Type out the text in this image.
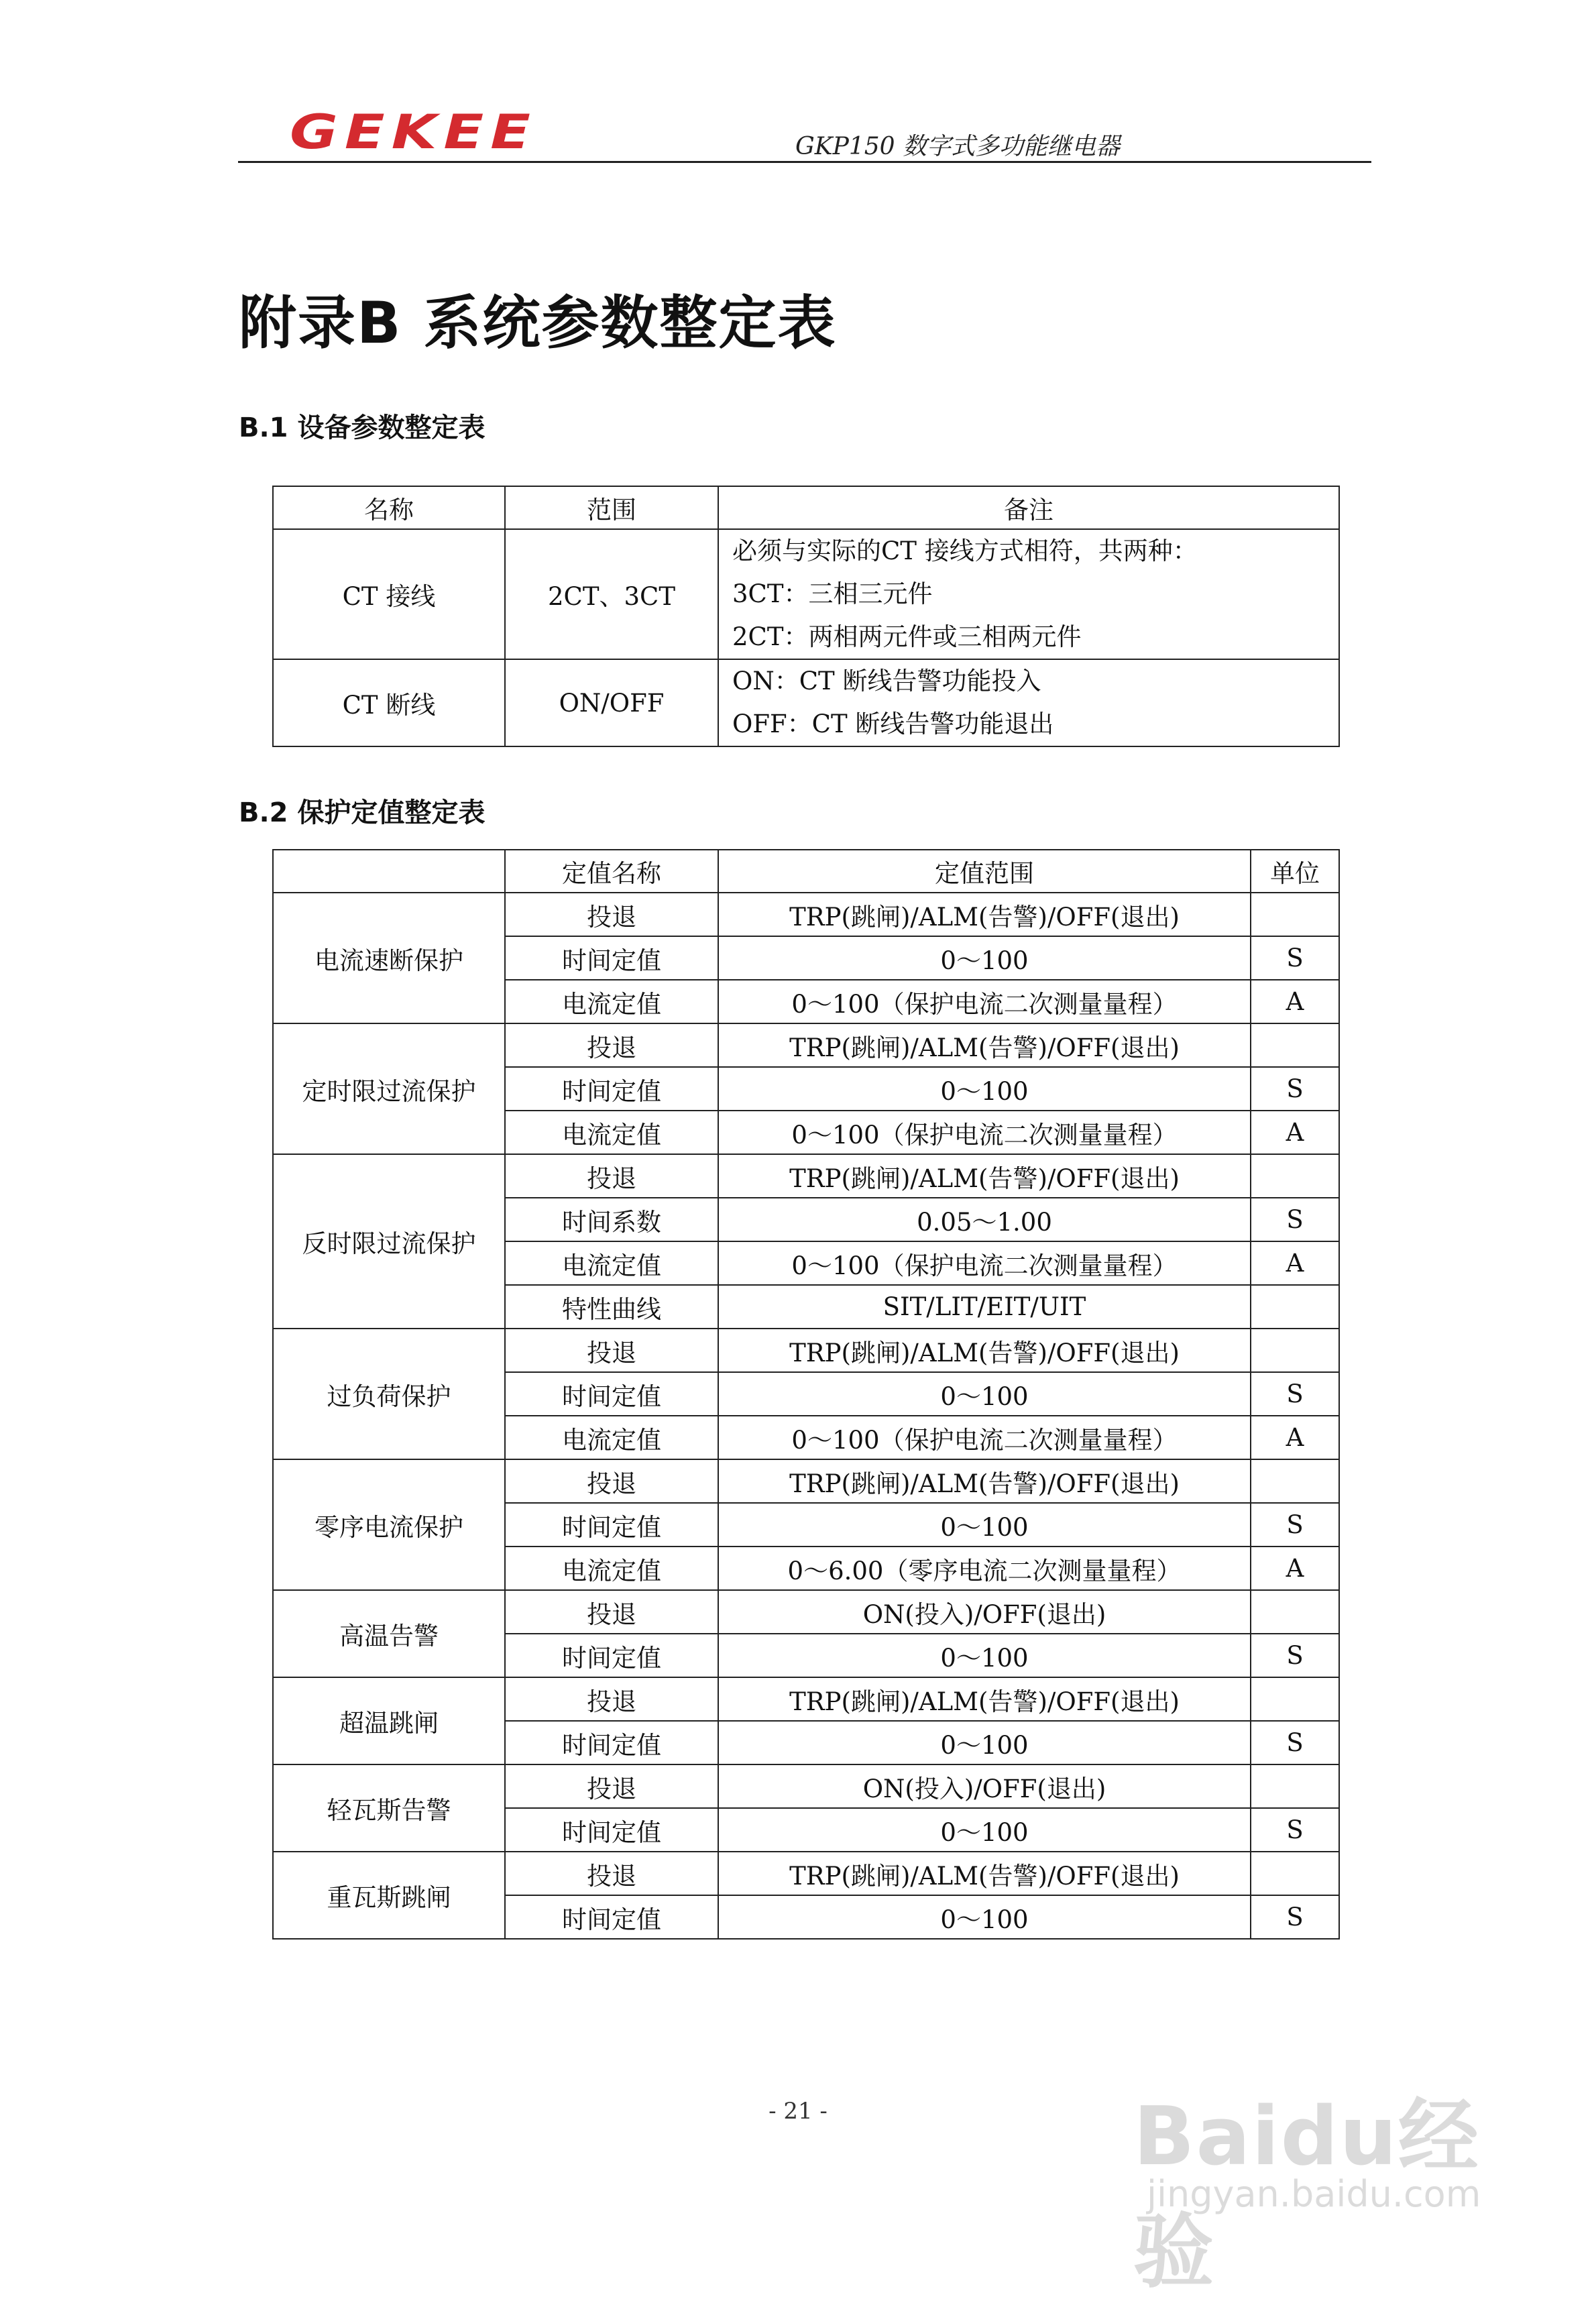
GEKEE	GKP150 数字式多功能继电器
附录B 系统参数整定表
B.1 设备参数整定表
名称	范围	备注
CT 接线	2CT、3CT	必须与实际的CT 接线方式相符，共两种：
3CT：三相三元件
2CT：两相两元件或三相两元件

CT 断线	ON/OFF	ON：CT 断线告警功能投入
OFF：CT 断线告警功能退出
B.2 保护定值整定表
	定值名称	定值范围	单位
电流速断保护	投退	TRP(跳闸)/ALM(告警)/OFF(退出)	
	时间定值	0～100	S
	电流定值	0～100（保护电流二次测量量程）	A
定时限过流保护	投退	TRP(跳闸)/ALM(告警)/OFF(退出)	
	时间定值	0～100	S
	电流定值	0～100（保护电流二次测量量程）	A
反时限过流保护	投退	TRP(跳闸)/ALM(告警)/OFF(退出)	
	时间系数	0.05～1.00	S
	电流定值	0～100（保护电流二次测量量程）	A
	特性曲线	SIT/LIT/EIT/UIT	
过负荷保护	投退	TRP(跳闸)/ALM(告警)/OFF(退出)	
	时间定值	0～100	S
	电流定值	0～100（保护电流二次测量量程）	A
零序电流保护	投退	TRP(跳闸)/ALM(告警)/OFF(退出)	
	时间定值	0～100	S
	电流定值	0～6.00（零序电流二次测量量程）	A
高温告警	投退	ON(投入)/OFF(退出)	
	时间定值	0～100	S
超温跳闸	投退	TRP(跳闸)/ALM(告警)/OFF(退出)	
	时间定值	0～100	S
轻瓦斯告警	投退	ON(投入)/OFF(退出)	
	时间定值	0～100	S
重瓦斯跳闸	投退	TRP(跳闸)/ALM(告警)/OFF(退出)	
	时间定值	0～100	S
- 21 -	Baidu经验
jingyan.baidu.com
